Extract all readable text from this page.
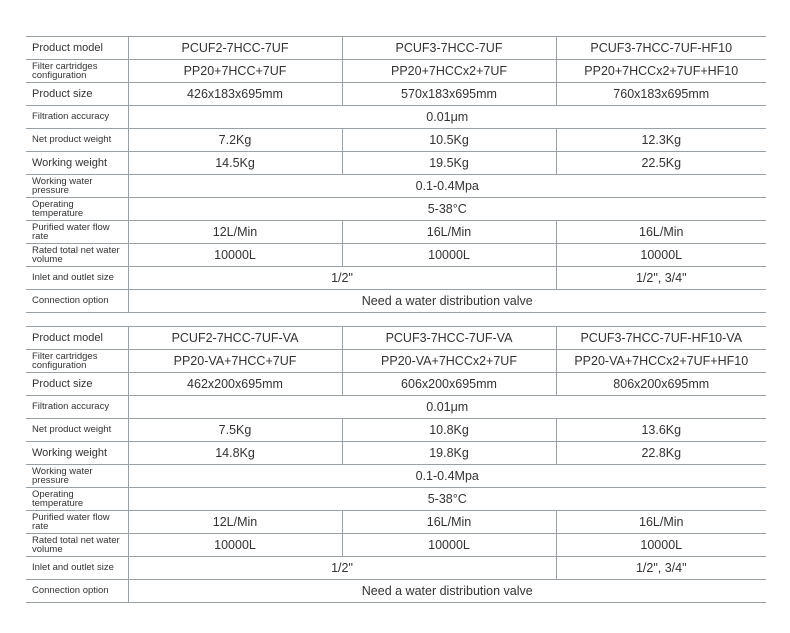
Product model	PCUF2-7HCC-7UF	PCUF3-7HCC-7UF	PCUF3-7HCC-7UF-HF10
Filter cartridges configuration	PP20+7HCC+7UF	PP20+7HCCx2+7UF	PP20+7HCCx2+7UF+HF10
Product size	426x183x695mm	570x183x695mm	760x183x695mm
Filtration accuracy	0.01μm		
Net product weight	7.2Kg	10.5Kg	12.3Kg
Working weight	14.5Kg	19.5Kg	22.5Kg
Working water pressure	0.1-0.4Mpa		
Operating temperature	5-38°C		
Purified water flow rate	12L/Min	16L/Min	16L/Min
Rated total net water volume	10000L	10000L	10000L
Inlet and outlet size	1/2"		1/2", 3/4"
Connection option	Need a water distribution valve		
Product model	PCUF2-7HCC-7UF-VA	PCUF3-7HCC-7UF-VA	PCUF3-7HCC-7UF-HF10-VA
Filter cartridges configuration	PP20-VA+7HCC+7UF	PP20-VA+7HCCx2+7UF	PP20-VA+7HCCx2+7UF+HF10
Product size	462x200x695mm	606x200x695mm	806x200x695mm
Filtration accuracy	0.01μm		
Net product weight	7.5Kg	10.8Kg	13.6Kg
Working weight	14.8Kg	19.8Kg	22.8Kg
Working water pressure	0.1-0.4Mpa		
Operating temperature	5-38°C		
Purified water flow rate	12L/Min	16L/Min	16L/Min
Rated total net water volume	10000L	10000L	10000L
Inlet and outlet size	1/2"		1/2", 3/4"
Connection option	Need a water distribution valve		
